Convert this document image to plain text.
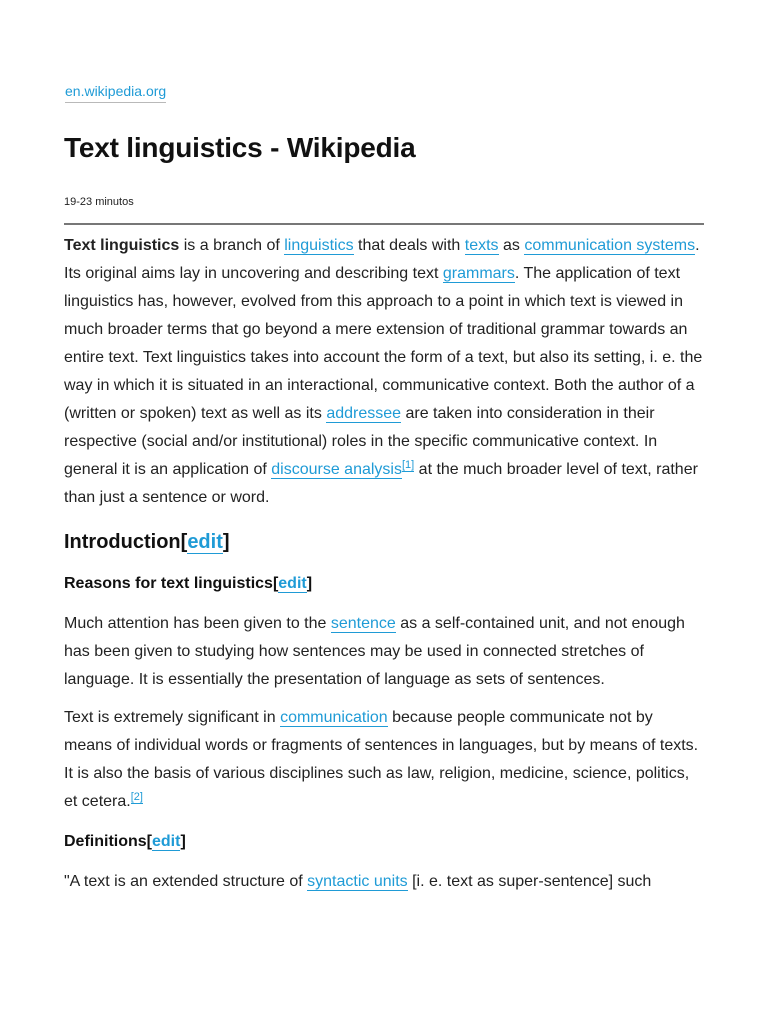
en.wikipedia.org
Text linguistics - Wikipedia
19-23 minutos

Text linguistics is a branch of linguistics that deals with texts as communication systems. Its original aims lay in uncovering and describing text grammars. The application of text linguistics has, however, evolved from this approach to a point in which text is viewed in much broader terms that go beyond a mere extension of traditional grammar towards an entire text. Text linguistics takes into account the form of a text, but also its setting, i. e. the way in which it is situated in an interactional, communicative context. Both the author of a (written or spoken) text as well as its addressee are taken into consideration in their respective (social and/or institutional) roles in the specific communicative context. In general it is an application of discourse analysis[1] at the much broader level of text, rather than just a sentence or word.

Introduction[edit]
Reasons for text linguistics[edit]

Much attention has been given to the sentence as a self-contained unit, and not enough has been given to studying how sentences may be used in connected stretches of language. It is essentially the presentation of language as sets of sentences.

Text is extremely significant in communication because people communicate not by means of individual words or fragments of sentences in languages, but by means of texts. It is also the basis of various disciplines such as law, religion, medicine, science, politics, et cetera.[2]

Definitions[edit]

"A text is an extended structure of syntactic units [i. e. text as super-sentence] such
